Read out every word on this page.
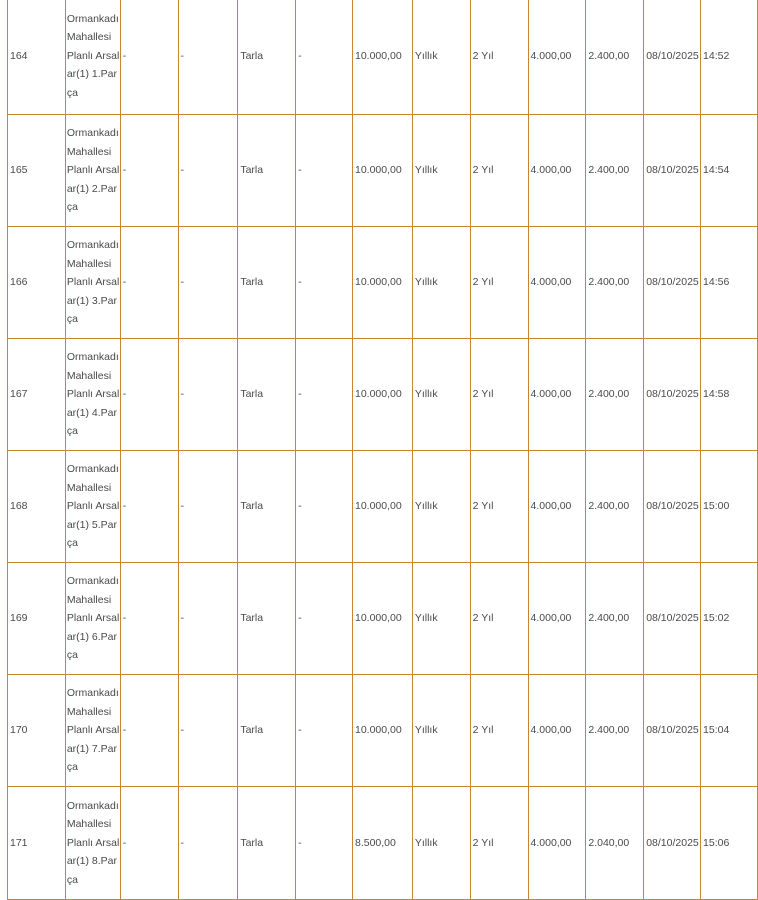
164	Ormankadı Mahallesi Planlı Arsalar(1) 1.Parça	-	-	Tarla	-	10.000,00	Yıllık	2 Yıl	4.000,00	2.400,00	08/10/2025	14:52
165	Ormankadı Mahallesi Planlı Arsalar(1) 2.Parça	-	-	Tarla	-	10.000,00	Yıllık	2 Yıl	4.000,00	2.400,00	08/10/2025	14:54
166	Ormankadı Mahallesi Planlı Arsalar(1) 3.Parça	-	-	Tarla	-	10.000,00	Yıllık	2 Yıl	4.000,00	2.400,00	08/10/2025	14:56
167	Ormankadı Mahallesi Planlı Arsalar(1) 4.Parça	-	-	Tarla	-	10.000,00	Yıllık	2 Yıl	4.000,00	2.400,00	08/10/2025	14:58
168	Ormankadı Mahallesi Planlı Arsalar(1) 5.Parça	-	-	Tarla	-	10.000,00	Yıllık	2 Yıl	4.000,00	2.400,00	08/10/2025	15:00
169	Ormankadı Mahallesi Planlı Arsalar(1) 6.Parça	-	-	Tarla	-	10.000,00	Yıllık	2 Yıl	4.000,00	2.400,00	08/10/2025	15:02
170	Ormankadı Mahallesi Planlı Arsalar(1) 7.Parça	-	-	Tarla	-	10.000,00	Yıllık	2 Yıl	4.000,00	2.400,00	08/10/2025	15:04
171	Ormankadı Mahallesi Planlı Arsalar(1) 8.Parça	-	-	Tarla	-	8.500,00	Yıllık	2 Yıl	4.000,00	2.040,00	08/10/2025	15:06
